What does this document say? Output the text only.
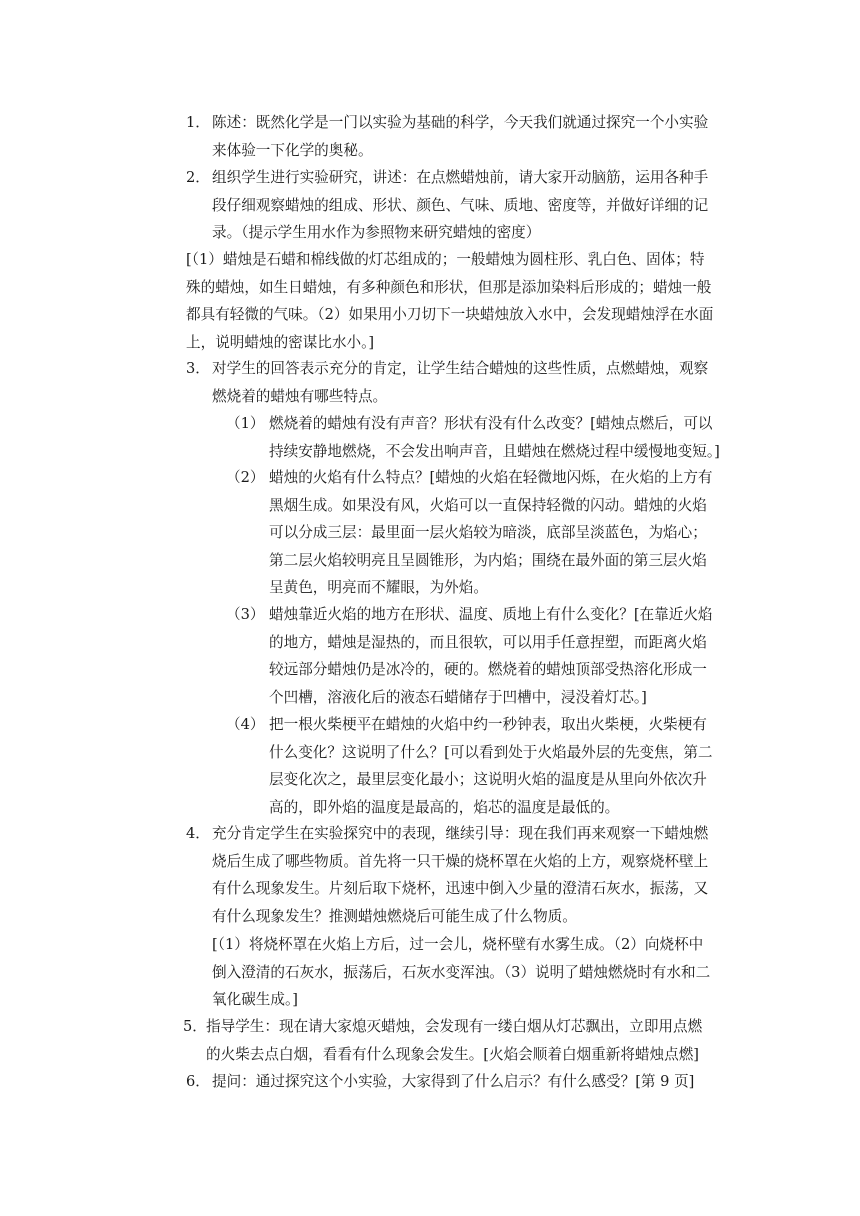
1． 陈述：既然化学是一门以实验为基础的科学，今天我们就通过探究一个小实验
来体验一下化学的奥秘。
2． 组织学生进行实验研究，讲述：在点燃蜡烛前，请大家开动脑筋，运用各种手
段仔细观察蜡烛的组成、形状、颜色、气味、质地、密度等，并做好详细的记
录。（提示学生用水作为参照物来研究蜡烛的密度）
[（1）蜡烛是石蜡和棉线做的灯芯组成的；一般蜡烛为圆柱形、乳白色、固体；特
殊的蜡烛，如生日蜡烛，有多种颜色和形状，但那是添加染料后形成的；蜡烛一般
都具有轻微的气味。（2）如果用小刀切下一块蜡烛放入水中，会发现蜡烛浮在水面
上，说明蜡烛的密谋比水小。]
3． 对学生的回答表示充分的肯定，让学生结合蜡烛的这些性质，点燃蜡烛，观察
燃烧着的蜡烛有哪些特点。
（1） 燃烧着的蜡烛有没有声音？形状有没有什么改变？[蜡烛点燃后，可以
持续安静地燃烧，不会发出响声音，且蜡烛在燃烧过程中缓慢地变短。]
（2） 蜡烛的火焰有什么特点？[蜡烛的火焰在轻微地闪烁，在火焰的上方有
黑烟生成。如果没有风，火焰可以一直保持轻微的闪动。蜡烛的火焰
可以分成三层：最里面一层火焰较为暗淡，底部呈淡蓝色，为焰心；
第二层火焰较明亮且呈圆锥形，为内焰；围绕在最外面的第三层火焰
呈黄色，明亮而不耀眼，为外焰。
（3） 蜡烛靠近火焰的地方在形状、温度、质地上有什么变化？[在靠近火焰
的地方，蜡烛是湿热的，而且很软，可以用手任意捏塑，而距离火焰
较远部分蜡烛仍是冰冷的，硬的。燃烧着的蜡烛顶部受热溶化形成一
个凹槽，溶液化后的液态石蜡储存于凹槽中，浸没着灯芯。]
（4） 把一根火柴梗平在蜡烛的火焰中约一秒钟表，取出火柴梗，火柴梗有
什么变化？这说明了什么？[可以看到处于火焰最外层的先变焦，第二
层变化次之，最里层变化最小；这说明火焰的温度是从里向外依次升
高的，即外焰的温度是最高的，焰芯的温度是最低的。
4． 充分肯定学生在实验探究中的表现，继续引导：现在我们再来观察一下蜡烛燃
烧后生成了哪些物质。首先将一只干燥的烧杯罩在火焰的上方，观察烧杯壁上
有什么现象发生。片刻后取下烧杯，迅速中倒入少量的澄清石灰水，振荡，又
有什么现象发生？推测蜡烛燃烧后可能生成了什么物质。
[（1）将烧杯罩在火焰上方后，过一会儿，烧杯壁有水雾生成。（2）向烧杯中
倒入澄清的石灰水，振荡后，石灰水变浑浊。（3）说明了蜡烛燃烧时有水和二
氧化碳生成。]
5． 指导学生：现在请大家熄灭蜡烛，会发现有一缕白烟从灯芯飘出，立即用点燃
的火柴去点白烟，看看有什么现象会发生。[火焰会顺着白烟重新将蜡烛点燃]
6． 提问：通过探究这个小实验，大家得到了什么启示？有什么感受？[第 9 页]
